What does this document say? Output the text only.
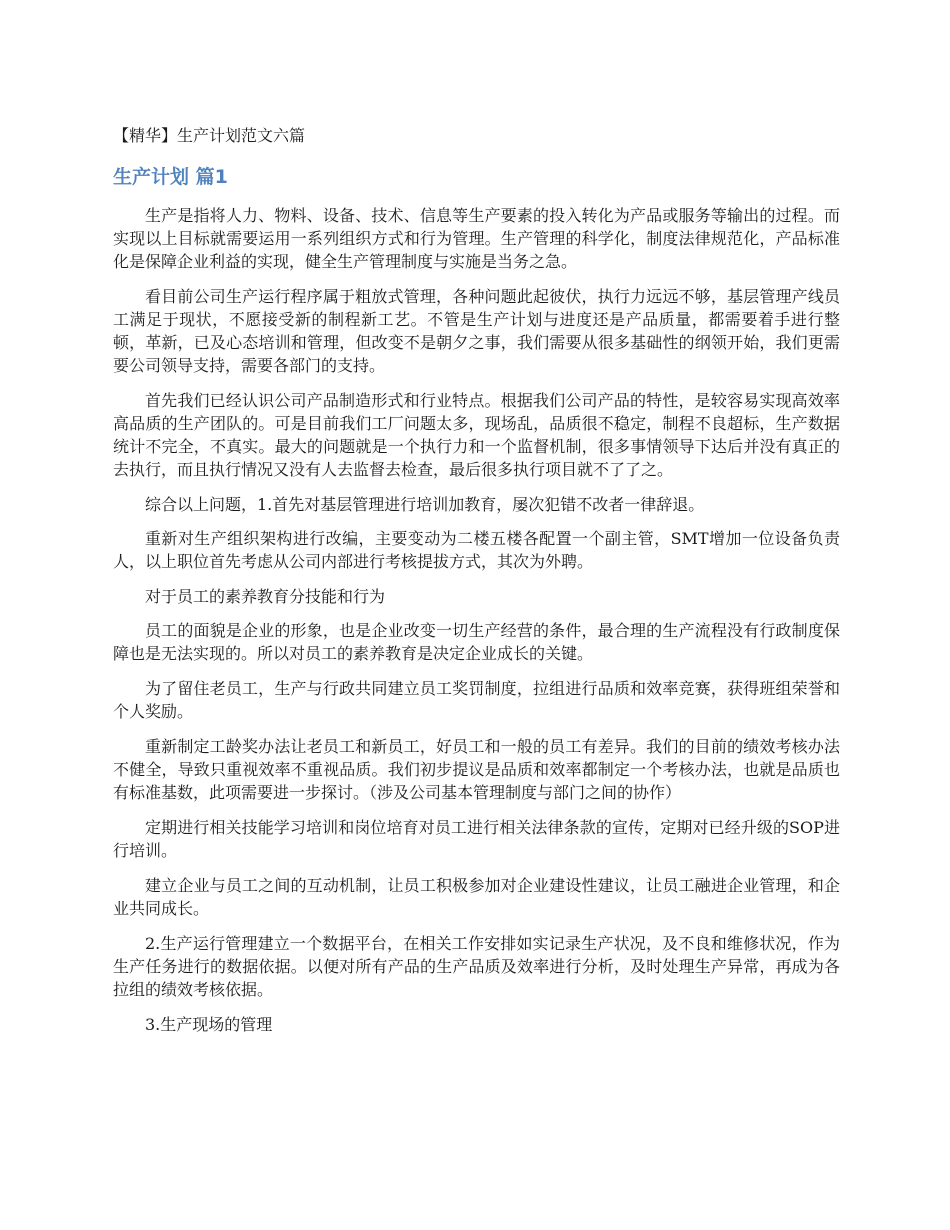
【精华】生产计划范文六篇
生产计划 篇1

生产是指将人力、物料、设备、技术、信息等生产要素的投入转化为产品或服务等输出的过程。而实现以上目标就需要运用一系列组织方式和行为管理。生产管理的科学化，制度法律规范化，产品标准化是保障企业利益的实现，健全生产管理制度与实施是当务之急。

看目前公司生产运行程序属于粗放式管理，各种问题此起彼伏，执行力远远不够，基层管理产线员工满足于现状，不愿接受新的制程新工艺。不管是生产计划与进度还是产品质量，都需要着手进行整顿，革新，已及心态培训和管理，但改变不是朝夕之事，我们需要从很多基础性的纲领开始，我们更需要公司领导支持，需要各部门的支持。

首先我们已经认识公司产品制造形式和行业特点。根据我们公司产品的特性，是较容易实现高效率高品质的生产团队的。可是目前我们工厂问题太多，现场乱，品质很不稳定，制程不良超标，生产数据统计不完全，不真实。最大的问题就是一个执行力和一个监督机制，很多事情领导下达后并没有真正的去执行，而且执行情况又没有人去监督去检查，最后很多执行项目就不了了之。

综合以上问题，1.首先对基层管理进行培训加教育，屡次犯错不改者一律辞退。

重新对生产组织架构进行改编，主要变动为二楼五楼各配置一个副主管，SMT增加一位设备负责人，以上职位首先考虑从公司内部进行考核提拔方式，其次为外聘。

对于员工的素养教育分技能和行为

员工的面貌是企业的形象，也是企业改变一切生产经营的条件，最合理的生产流程没有行政制度保障也是无法实现的。所以对员工的素养教育是决定企业成长的关键。

为了留住老员工，生产与行政共同建立员工奖罚制度，拉组进行品质和效率竞赛，获得班组荣誉和个人奖励。

重新制定工龄奖办法让老员工和新员工，好员工和一般的员工有差异。我们的目前的绩效考核办法不健全，导致只重视效率不重视品质。我们初步提议是品质和效率都制定一个考核办法，也就是品质也有标准基数，此项需要进一步探讨。（涉及公司基本管理制度与部门之间的协作）

定期进行相关技能学习培训和岗位培育对员工进行相关法律条款的宣传，定期对已经升级的SOP进行培训。

建立企业与员工之间的互动机制，让员工积极参加对企业建设性建议，让员工融进企业管理，和企业共同成长。

2.生产运行管理建立一个数据平台，在相关工作安排如实记录生产状况，及不良和维修状况，作为生产任务进行的数据依据。以便对所有产品的生产品质及效率进行分析，及时处理生产异常，再成为各拉组的绩效考核依据。

3.生产现场的管理
